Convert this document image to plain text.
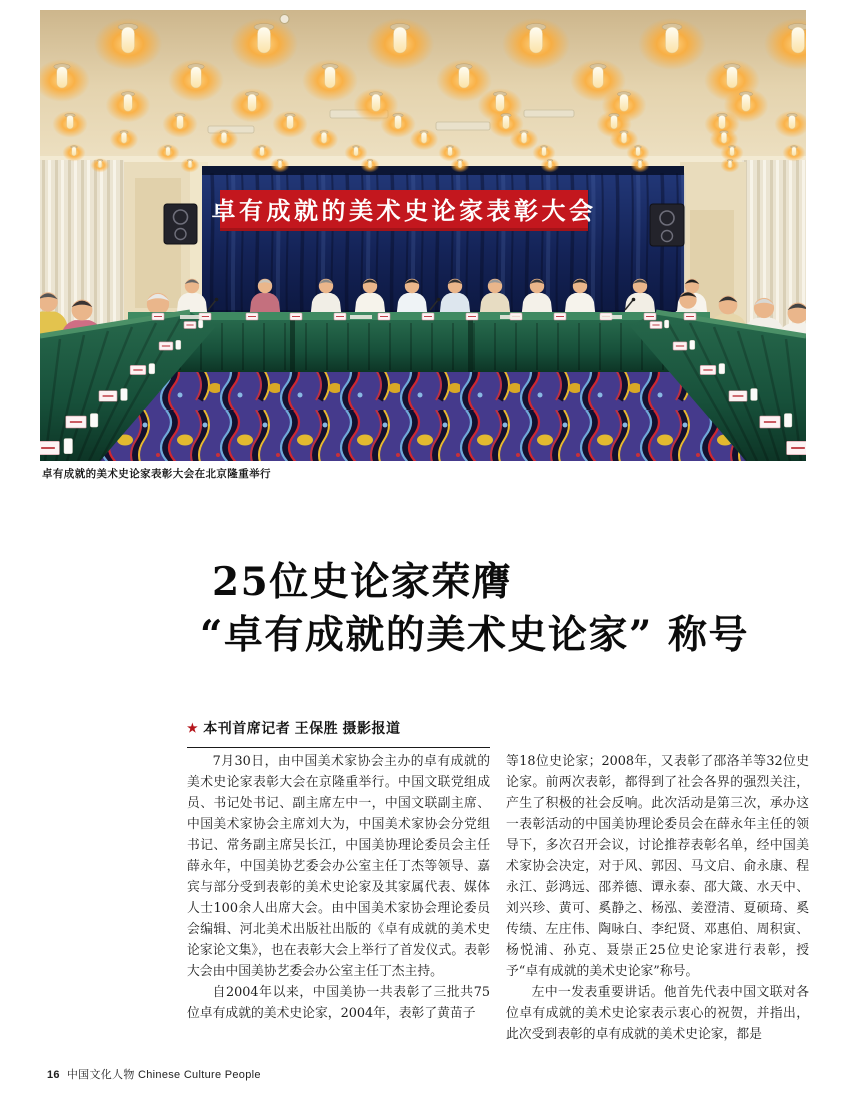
卓有成就的美术史论家表彰大会
卓有成就的美术史论家表彰大会在北京隆重举行
25位史论家荣膺
“卓有成就的美术史论家” 称号
★ 本刊首席记者 王保胜 摄影报道

7月30日，由中国美术家协会主办的卓有成就的美术史论家表彰大会在京隆重举行。中国文联党组成员、书记处书记、副主席左中一，中国文联副主席、中国美术家协会主席刘大为，中国美术家协会分党组书记、常务副主席吴长江，中国美协理论委员会主任薛永年，中国美协艺委会办公室主任丁杰等领导、嘉宾与部分受到表彰的美术史论家及其家属代表、媒体人士100余人出席大会。由中国美术家协会理论委员会编辑、河北美术出版社出版的《卓有成就的美术史论家论文集》，也在表彰大会上举行了首发仪式。表彰大会由中国美协艺委会办公室主任丁杰主持。

自2004年以来，中国美协一共表彰了三批共75位卓有成就的美术史论家，2004年，表彰了黄苗子

等18位史论家；2008年，又表彰了邵洛羊等32位史论家。前两次表彰，都得到了社会各界的强烈关注，产生了积极的社会反响。此次活动是第三次，承办这一表彰活动的中国美协理论委员会在薛永年主任的领导下，多次召开会议，讨论推荐表彰名单，经中国美术家协会决定，对于风、郭因、马文启、俞永康、程永江、彭鸿远、邵养德、谭永泰、邵大箴、水天中、刘兴珍、黄可、奚静之、杨泓、姜澄清、夏硕琦、奚传绩、左庄伟、陶咏白、李纪贤、邓惠伯、周积寅、杨悦浦、孙克、聂崇正25位史论家进行表彰，授予“卓有成就的美术史论家”称号。

左中一发表重要讲话。他首先代表中国文联对各位卓有成就的美术史论家表示衷心的祝贺，并指出，此次受到表彰的卓有成就的美术史论家，都是

16 中国文化人物 Chinese Culture People
